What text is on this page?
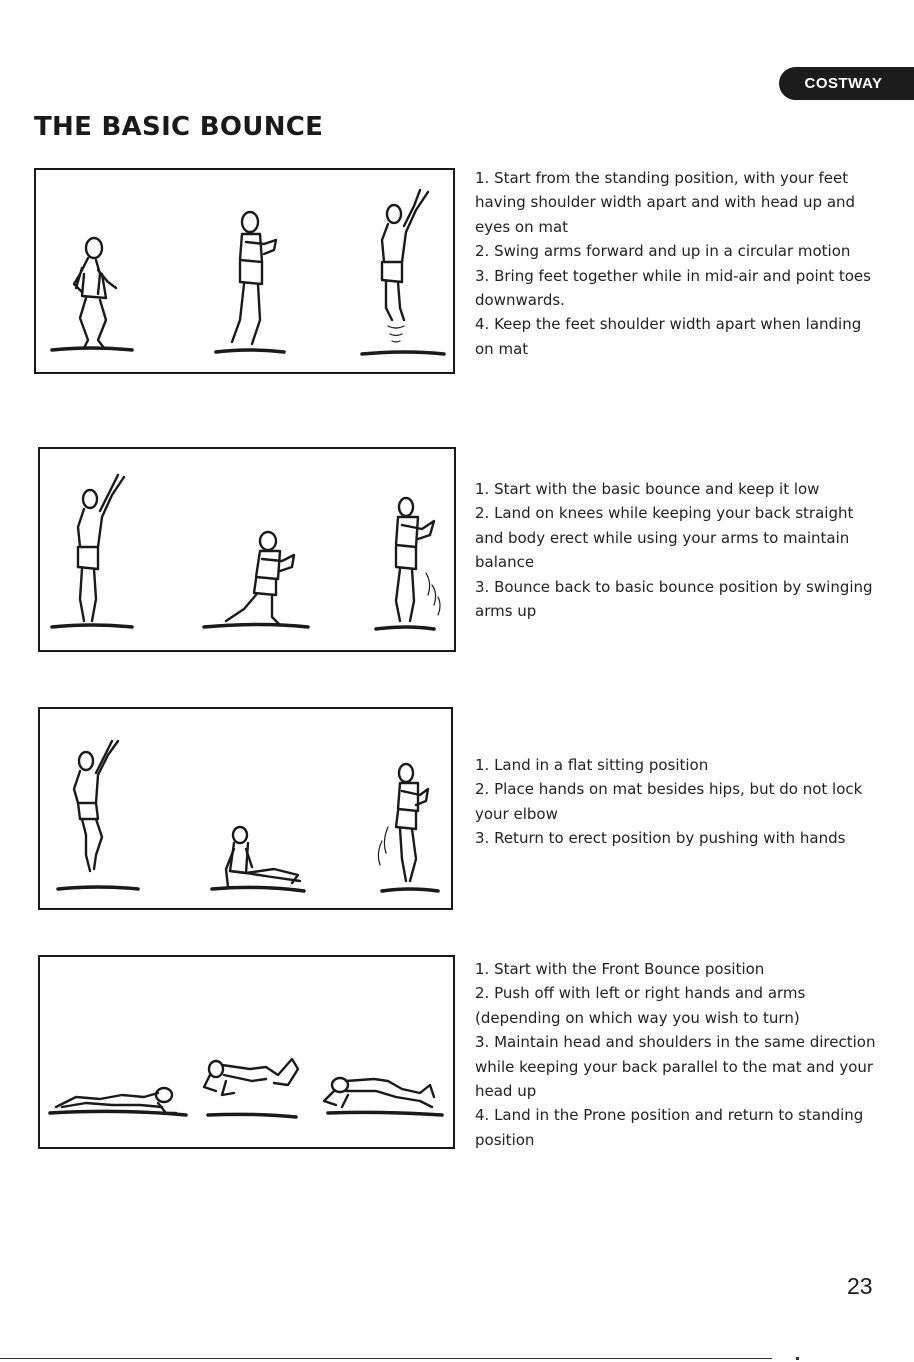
COSTWAY
THE BASIC BOUNCE
1. Start from the standing position, with your feet having shoulder width apart and with head up and eyes on mat
2. Swing arms forward and up in a circular motion
3. Bring feet together while in mid-air and point toes downwards.
4. Keep the feet shoulder width apart when landing on mat
1. Start with the basic bounce and keep it low
2. Land on knees while keeping your back straight and body erect while using your arms to maintain balance
3. Bounce back to basic bounce position by swinging arms up
1. Land in a flat sitting position
2. Place hands on mat besides hips, but do not lock your elbow
3. Return to erect position by pushing with hands
1. Start with the Front Bounce position
2. Push off with left or right hands and arms (depending on which way you wish to turn)
3. Maintain head and shoulders in the same direction while keeping your back parallel to the mat and your head up
4. Land in the Prone position and return to standing position
23
